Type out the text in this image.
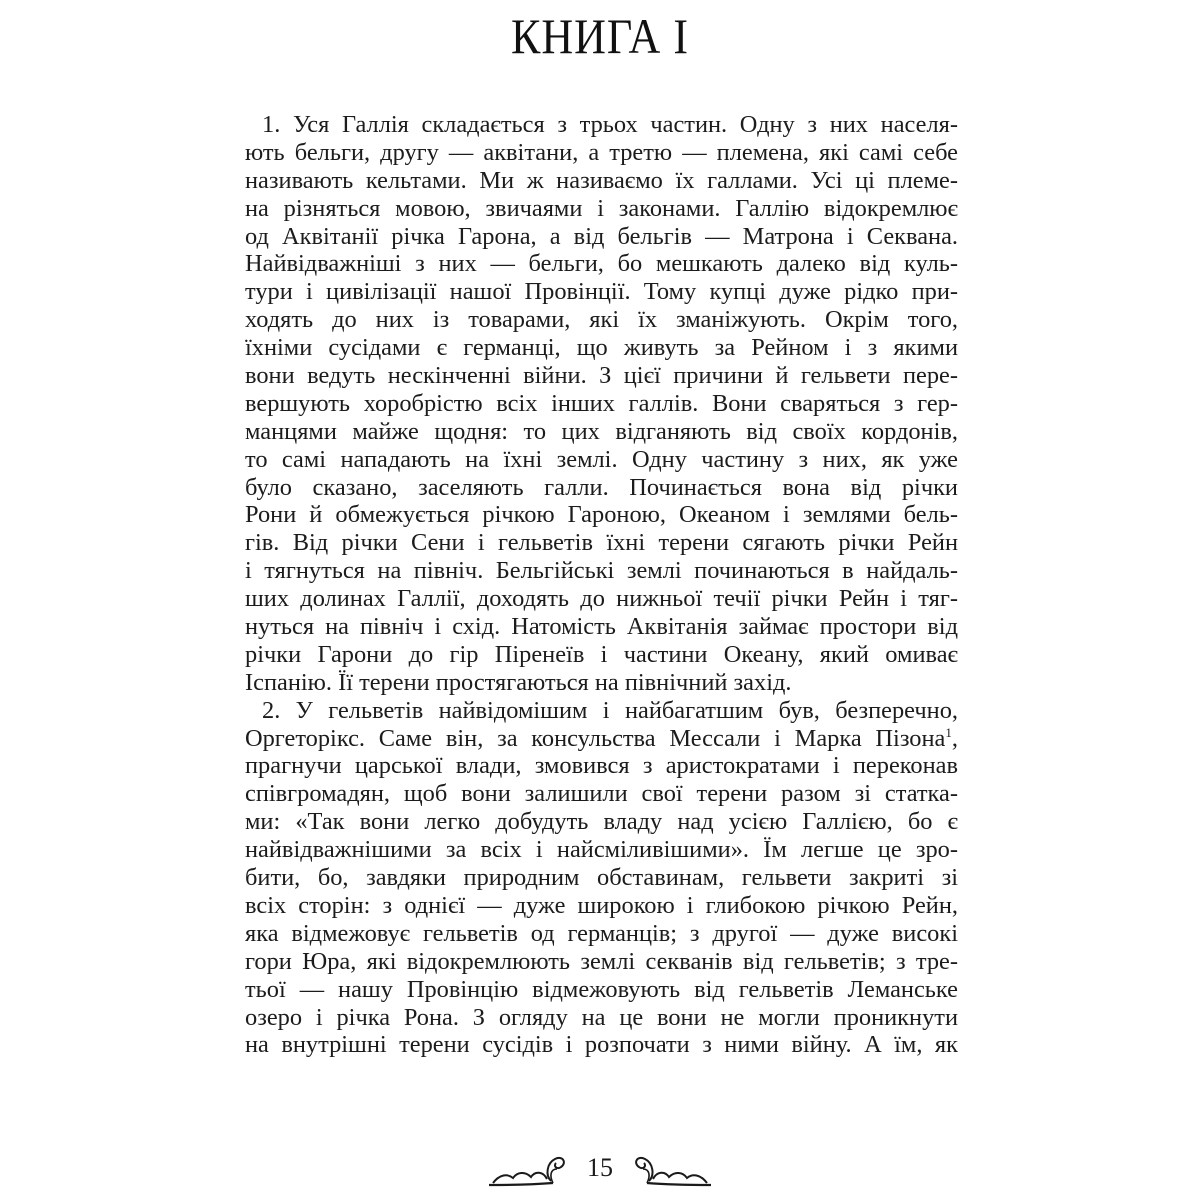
КНИГА I
1. Уся Галлія складається з трьох частин. Одну з них населя-
ють бельги, другу — аквітани, а третю — племена, які самі себе
називають кельтами. Ми ж називаємо їх галлами. Усі ці племе-
на різняться мовою, звичаями і законами. Галлію відокремлює
од Аквітанії річка Гарона, а від бельгів — Матрона і Секвана.
Найвідважніші з них — бельги, бо мешкають далеко від куль-
тури і цивілізації нашої Провінції. Тому купці дуже рідко при-
ходять до них із товарами, які їх зманіжують. Окрім того,
їхніми сусідами є германці, що живуть за Рейном і з якими
вони ведуть нескінченні війни. З цієї причини й гельвети пере-
вершують хоробрістю всіх інших галлів. Вони сваряться з гер-
манцями майже щодня: то цих відганяють від своїх кордонів,
то самі нападають на їхні землі. Одну частину з них, як уже
було сказано, заселяють галли. Починається вона від річки
Рони й обмежується річкою Гароною, Океаном і землями бель-
гів. Від річки Сени і гельветів їхні терени сягають річки Рейн
і тягнуться на північ. Бельгійські землі починаються в найдаль-
ших долинах Галлії, доходять до нижньої течії річки Рейн і тяг-
нуться на північ і схід. Натомість Аквітанія займає простори від
річки Гарони до гір Піренеїв і частини Океану, який омиває
Іспанію. Її терени простягаються на північний захід.
2. У гельветів найвідомішим і найбагатшим був, безперечно,
Оргеторікс. Саме він, за консульства Мессали і Марка Пізона$^1$,
прагнучи царської влади, змовився з аристократами і переконав
співгромадян, щоб вони залишили свої терени разом зі статка-
ми: «Так вони легко добудуть владу над усією Галлією, бо є
найвідважнішими за всіх і найсміливішими». Їм легше це зро-
бити, бо, завдяки природним обставинам, гельвети закриті зі
всіх сторін: з однієї — дуже широкою і глибокою річкою Рейн,
яка відмежовує гельветів од германців; з другої — дуже високі
гори Юра, які відокремлюють землі секванів від гельветів; з тре-
тьої — нашу Провінцію відмежовують від гельветів Леманське
озеро і річка Рона. З огляду на це вони не могли проникнути
на внутрішні терени сусідів і розпочати з ними війну. А їм, як
15
